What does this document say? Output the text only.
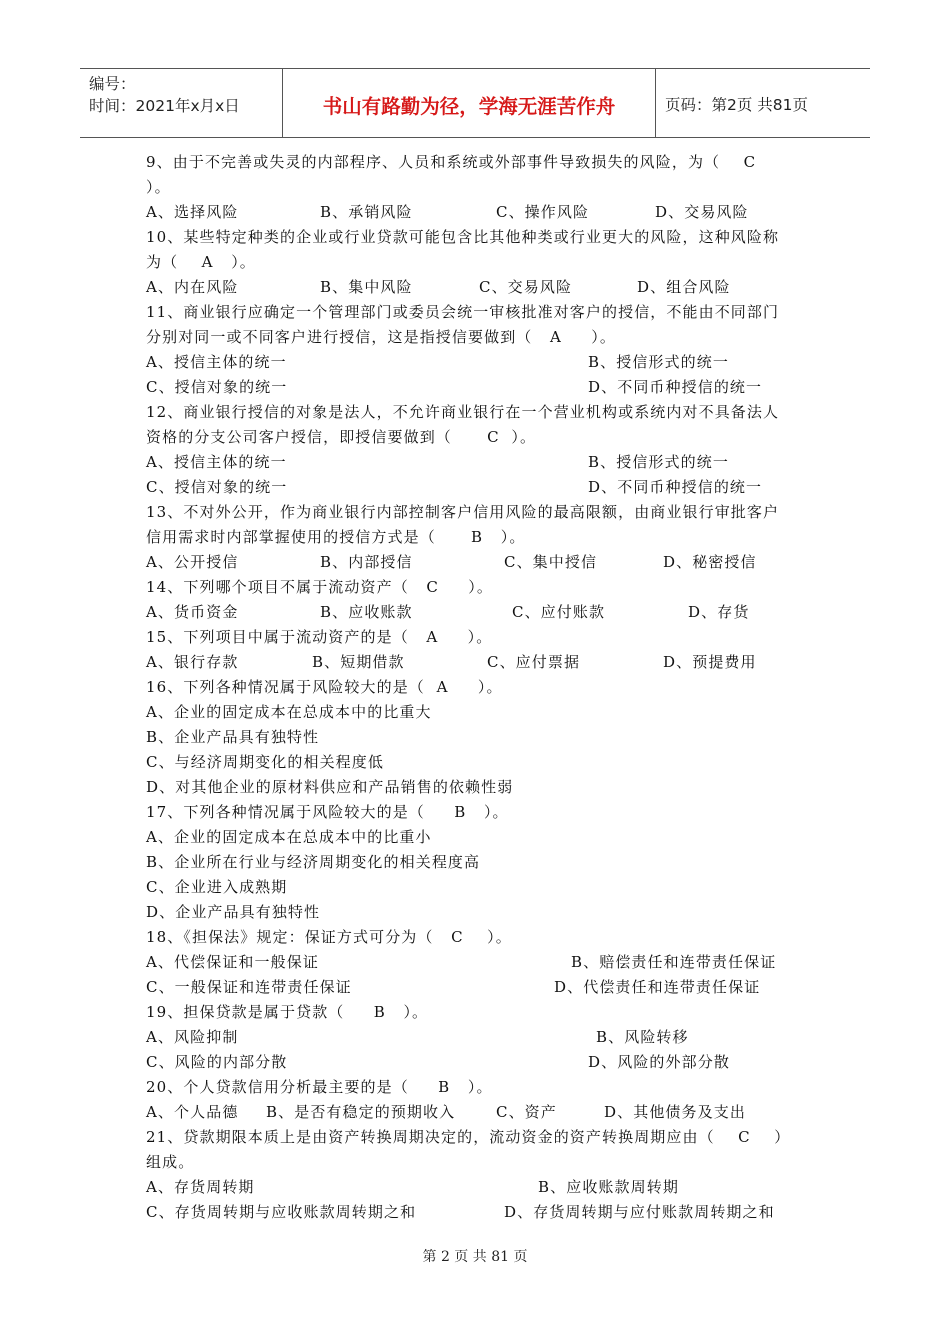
编号：
时间：2021年x月x日	书山有路勤为径，学海无涯苦作舟	页码：第2页 共81页
9、由于不完善或失灵的内部程序、人员和系统或外部事件导致损失的风险，为（    C
）。
A、选择风险	B、承销风险	C、操作风险	D、交易风险
10、某些特定种类的企业或行业贷款可能包含比其他种类或行业更大的风险，这种风险称
为（    A   ）。
A、内在风险	B、集中风险	C、交易风险	D、组合风险
11、商业银行应确定一个管理部门或委员会统一审核批准对客户的授信，不能由不同部门
分别对同一或不同客户进行授信，这是指授信要做到（   A     ）。
A、授信主体的统一	B、授信形式的统一
C、授信对象的统一	D、不同币种授信的统一
12、商业银行授信的对象是法人，不允许商业银行在一个营业机构或系统内对不具备法人
资格的分支公司客户授信，即授信要做到（      C  ）。
A、授信主体的统一	B、授信形式的统一
C、授信对象的统一	D、不同币种授信的统一
13、不对外公开，作为商业银行内部控制客户信用风险的最高限额，由商业银行审批客户
信用需求时内部掌握使用的授信方式是（      B   ）。
A、公开授信	B、内部授信	C、集中授信	D、秘密授信
14、下列哪个项目不属于流动资产（   C     ）。
A、货币资金	B、应收账款	C、应付账款	D、存货
15、下列项目中属于流动资产的是（   A     ）。
A、银行存款	B、短期借款	C、应付票据	D、预提费用
16、下列各种情况属于风险较大的是（  A     ）。
A、企业的固定成本在总成本中的比重大
B、企业产品具有独特性
C、与经济周期变化的相关程度低
D、对其他企业的原材料供应和产品销售的依赖性弱
17、下列各种情况属于风险较大的是（     B   ）。
A、企业的固定成本在总成本中的比重小
B、企业所在行业与经济周期变化的相关程度高
C、企业进入成熟期
D、企业产品具有独特性
18、《担保法》规定：保证方式可分为（   C    ）。
A、代偿保证和一般保证	B、赔偿责任和连带责任保证
C、一般保证和连带责任保证	D、代偿责任和连带责任保证
19、担保贷款是属于贷款（     B   ）。
A、风险抑制	B、风险转移
C、风险的内部分散	D、风险的外部分散
20、个人贷款信用分析最主要的是（     B   ）。
A、个人品德 B、是否有稳定的预期收入	C、资产	D、其他债务及支出
21、贷款期限本质上是由资产转换周期决定的，流动资金的资产转换周期应由（    C    ）
组成。
A、存货周转期	B、应收账款周转期
C、存货周转期与应收账款周转期之和	D、存货周转期与应付账款周转期之和
第 2 页 共 81 页
